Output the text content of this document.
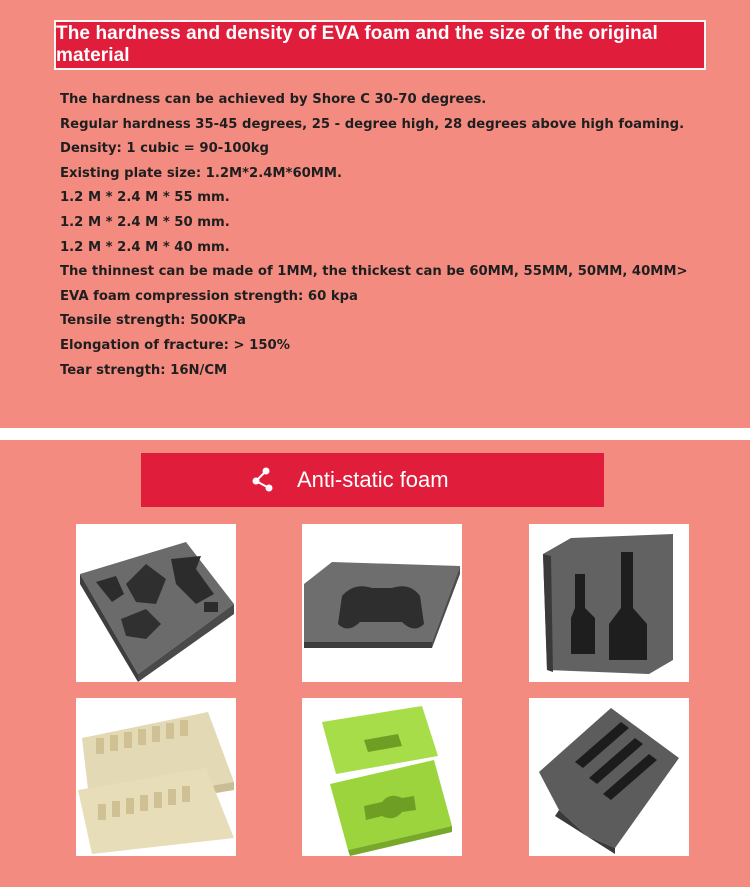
The hardness and density of EVA foam and the size of the original material
The hardness can be achieved by Shore C 30-70 degrees.
Regular hardness 35-45 degrees, 25 - degree high, 28 degrees above high foaming.
Density: 1 cubic = 90-100kg
Existing plate size: 1.2M*2.4M*60MM.
1.2 M * 2.4 M * 55 mm.
1.2 M * 2.4 M * 50 mm.
1.2 M * 2.4 M * 40 mm.
The thinnest can be made of 1MM, the thickest can be 60MM, 55MM, 50MM, 40MM>
EVA foam compression strength: 60 kpa
Tensile strength: 500KPa
Elongation of fracture: > 150%
Tear strength: 16N/CM
Anti-static foam
